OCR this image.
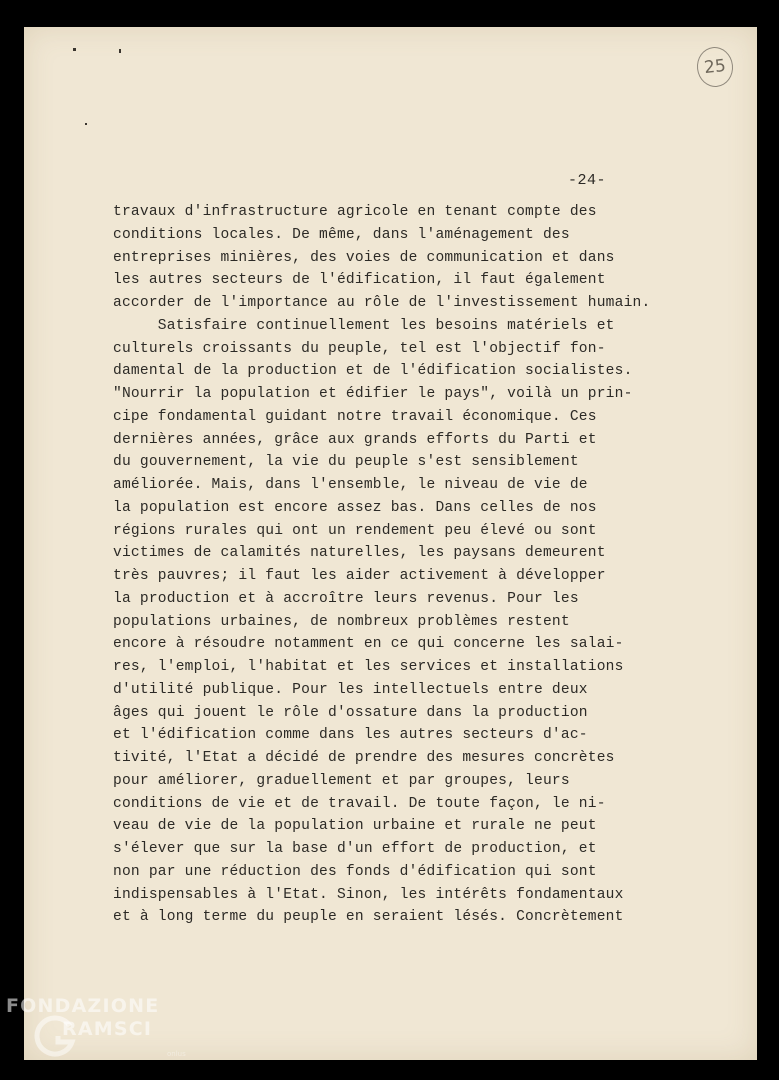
25
-24-
travaux d'infrastructure agricole en tenant compte des
conditions locales. De même, dans l'aménagement des
entreprises minières, des voies de communication et dans
les autres secteurs de l'édification, il faut également
accorder de l'importance au rôle de l'investissement humain.
Satisfaire continuellement les besoins matériels et
culturels croissants du peuple, tel est l'objectif fon-
damental de la production et de l'édification socialistes.
"Nourrir la population et édifier le pays", voilà un prin-
cipe fondamental guidant notre travail économique. Ces
dernières années, grâce aux grands efforts du Parti et
du gouvernement, la vie du peuple s'est sensiblement
améliorée. Mais, dans l'ensemble, le niveau de vie de
la population est encore assez bas. Dans celles de nos
régions rurales qui ont un rendement peu élevé ou sont
victimes de calamités naturelles, les paysans demeurent
très pauvres; il faut les aider activement à développer
la production et à accroître leurs revenus. Pour les
populations urbaines, de nombreux problèmes restent
encore à résoudre notamment en ce qui concerne les salai-
res, l'emploi, l'habitat et les services et installations
d'utilité publique. Pour les intellectuels entre deux
âges qui jouent le rôle d'ossature dans la production
et l'édification comme dans les autres secteurs d'ac-
tivité, l'Etat a décidé de prendre des mesures concrètes
pour améliorer, graduellement et par groupes, leurs
conditions de vie et de travail. De toute façon, le ni-
veau de vie de la population urbaine et rurale ne peut
s'élever que sur la base d'un effort de production, et
non par une réduction des fonds d'édification qui sont
indispensables à l'Etat. Sinon, les intérêts fondamentaux
et à long terme du peuple en seraient lésés. Concrètement
FONDAZIONE
RAMSCI
onlus
